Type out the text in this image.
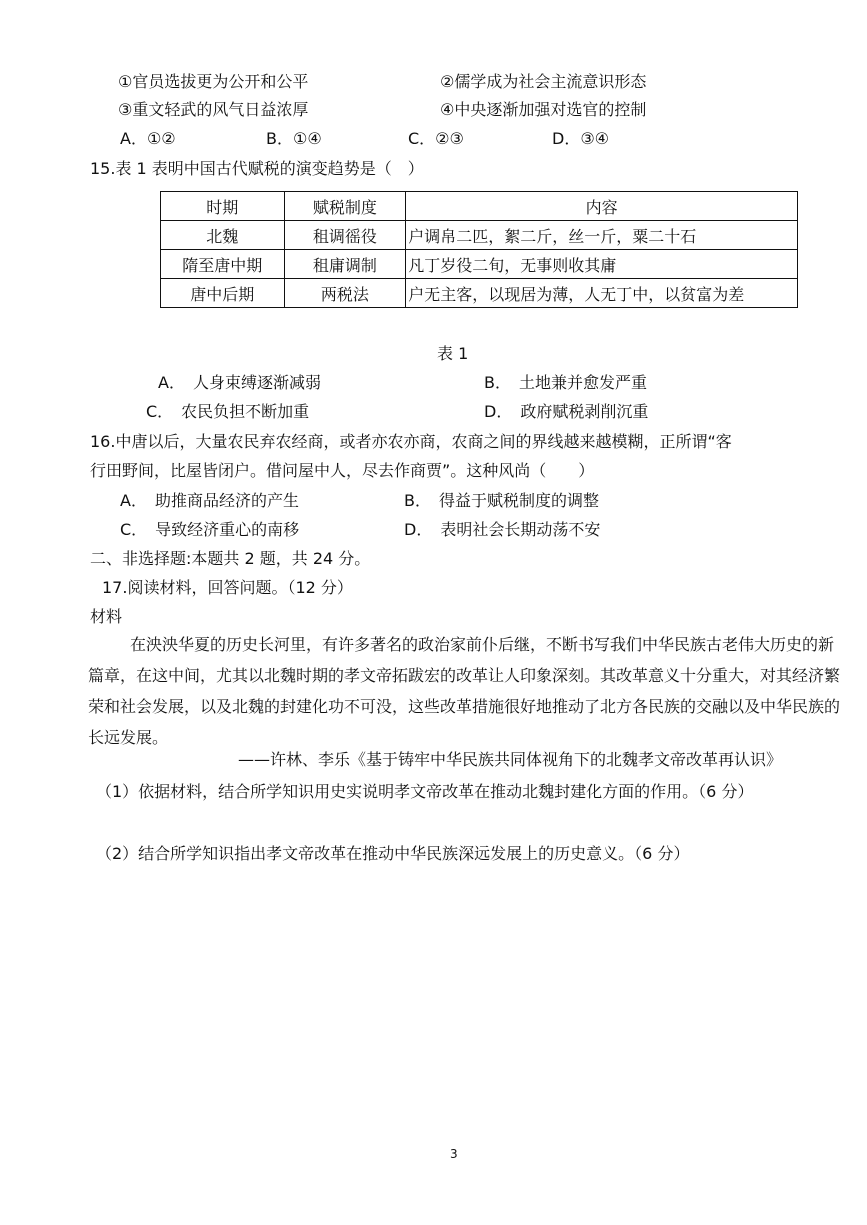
①官员选拔更为公开和公平	②儒学成为社会主流意识形态
③重文轻武的风气日益浓厚	④中央逐渐加强对选官的控制
A．①②	B．①④	C．②③	D．③④
15.表 1 表明中国古代赋税的演变趋势是（　）
时期	赋税制度	内容
北魏	租调徭役	户调帛二匹，絮二斤，丝一斤，粟二十石
隋至唐中期	租庸调制	凡丁岁役二旬，无事则收其庸
唐中后期	两税法	户无主客，以现居为薄，人无丁中，以贫富为差
表 1
A．　人身束缚逐渐减弱	B．　土地兼并愈发严重
C．　农民负担不断加重	D．　政府赋税剥削沉重
16.中唐以后，大量农民弃农经商，或者亦农亦商，农商之间的界线越来越模糊，正所谓“客
行田野间，比屋皆闭户。借问屋中人，尽去作商贾”。这种风尚（　　）
A．　助推商品经济的产生	B．　得益于赋税制度的调整
C．　导致经济重心的南移	D．　表明社会长期动荡不安
二、非选择题:本题共 2 题，共 24 分。
17.阅读材料，回答问题。（12 分）
材料
在泱泱华夏的历史长河里，有许多著名的政治家前仆后继，不断书写我们中华民族古老伟大历史的新篇章，在这中间，尤其以北魏时期的孝文帝拓跋宏的改革让人印象深刻。其改革意义十分重大，对其经济繁荣和社会发展，以及北魏的封建化功不可没，这些改革措施很好地推动了北方各民族的交融以及中华民族的长远发展。
——许林、李乐《基于铸牢中华民族共同体视角下的北魏孝文帝改革再认识》
（1）依据材料，结合所学知识用史实说明孝文帝改革在推动北魏封建化方面的作用。（6 分）
（2）结合所学知识指出孝文帝改革在推动中华民族深远发展上的历史意义。（6 分）
3
